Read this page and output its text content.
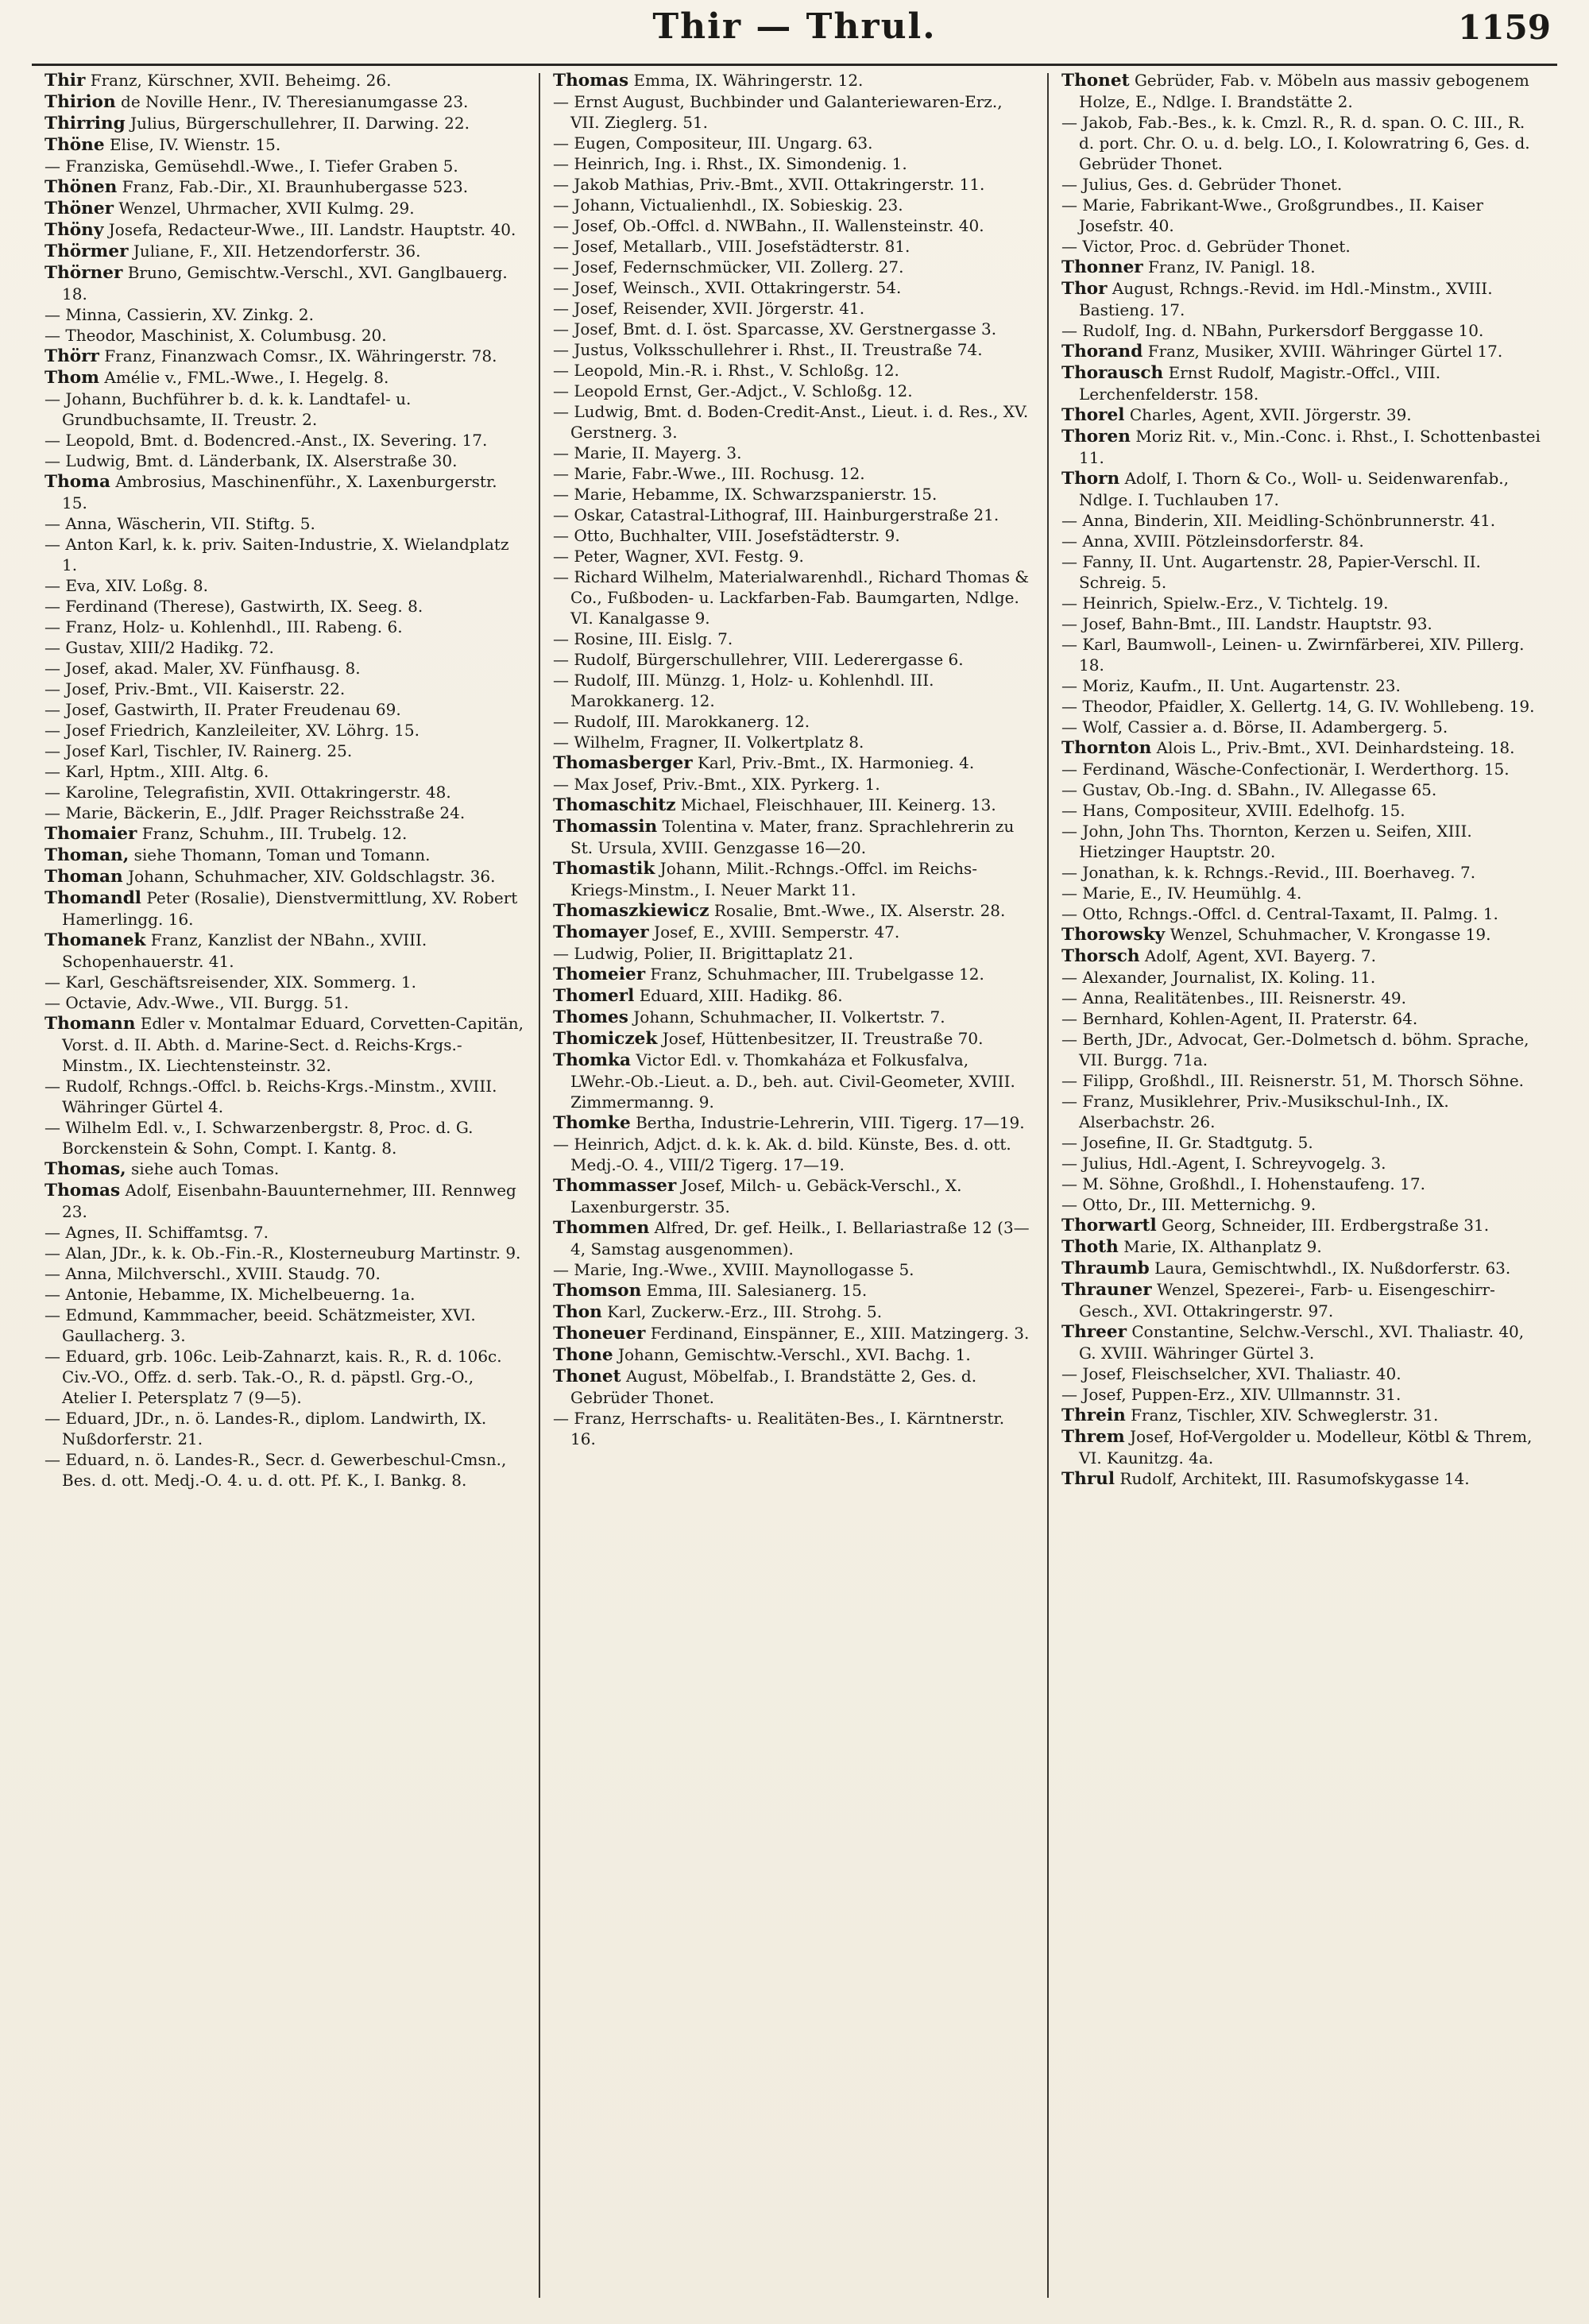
Thir — Thrul.	1159

Thir Franz, Kürschner, XVII. Beheimg. 26.

Thirion de Noville Henr., IV. Theresianumgasse 23.

Thirring Julius, Bürgerschullehrer, II. Darwing. 22.

Thöne Elise, IV. Wienstr. 15.

— Franziska, Gemüsehdl.-Wwe., I. Tiefer Graben 5.

Thönen Franz, Fab.-Dir., XI. Braunhubergasse 523.

Thöner Wenzel, Uhrmacher, XVII Kulmg. 29.

Thöny Josefa, Redacteur-Wwe., III. Landstr. Hauptstr. 40.

Thörmer Juliane, F., XII. Hetzendorferstr. 36.

Thörner Bruno, Gemischtw.-Verschl., XVI. Ganglbauerg. 18.

— Minna, Cassierin, XV. Zinkg. 2.

— Theodor, Maschinist, X. Columbusg. 20.

Thörr Franz, Finanzwach Comsr., IX. Währingerstr. 78.

Thom Amélie v., FML.-Wwe., I. Hegelg. 8.

— Johann, Buchführer b. d. k. k. Landtafel- u. Grundbuchsamte, II. Treustr. 2.

— Leopold, Bmt. d. Bodencred.-Anst., IX. Severing. 17.

— Ludwig, Bmt. d. Länderbank, IX. Alserstraße 30.

Thoma Ambrosius, Maschinenführ., X. Laxenburgerstr. 15.

— Anna, Wäscherin, VII. Stiftg. 5.

— Anton Karl, k. k. priv. Saiten-Industrie, X. Wielandplatz 1.

— Eva, XIV. Loßg. 8.

— Ferdinand (Therese), Gastwirth, IX. Seeg. 8.

— Franz, Holz- u. Kohlenhdl., III. Rabeng. 6.

— Gustav, XIII/2 Hadikg. 72.

— Josef, akad. Maler, XV. Fünfhausg. 8.

— Josef, Priv.-Bmt., VII. Kaiserstr. 22.

— Josef, Gastwirth, II. Prater Freudenau 69.

— Josef Friedrich, Kanzleileiter, XV. Löhrg. 15.

— Josef Karl, Tischler, IV. Rainerg. 25.

— Karl, Hptm., XIII. Altg. 6.

— Karoline, Telegrafistin, XVII. Ottakringerstr. 48.

— Marie, Bäckerin, E., Jdlf. Prager Reichsstraße 24.

Thomaier Franz, Schuhm., III. Trubelg. 12.

Thoman, siehe Thomann, Toman und Tomann.

Thoman Johann, Schuhmacher, XIV. Goldschlagstr. 36.

Thomandl Peter (Rosalie), Dienstvermittlung, XV. Robert Hamerlingg. 16.

Thomanek Franz, Kanzlist der NBahn., XVIII. Schopenhauerstr. 41.

— Karl, Geschäftsreisender, XIX. Sommerg. 1.

— Octavie, Adv.-Wwe., VII. Burgg. 51.

Thomann Edler v. Montalmar Eduard, Corvetten-Capitän, Vorst. d. II. Abth. d. Marine-Sect. d. Reichs-Krgs.-Minstm., IX. Liechtensteinstr. 32.

— Rudolf, Rchngs.-Offcl. b. Reichs-Krgs.-Minstm., XVIII. Währinger Gürtel 4.

— Wilhelm Edl. v., I. Schwarzenbergstr. 8, Proc. d. G. Borckenstein & Sohn, Compt. I. Kantg. 8.

Thomas, siehe auch Tomas.

Thomas Adolf, Eisenbahn-Bauunternehmer, III. Rennweg 23.

— Agnes, II. Schiffamtsg. 7.

— Alan, JDr., k. k. Ob.-Fin.-R., Klosterneuburg Martinstr. 9.

— Anna, Milchverschl., XVIII. Staudg. 70.

— Antonie, Hebamme, IX. Michelbeuerng. 1a.

— Edmund, Kammmacher, beeid. Schätzmeister, XVI. Gaullacherg. 3.

— Eduard, grb. 106c. Leib-Zahnarzt, kais. R., R. d. 106c. Civ.-VO., Offz. d. serb. Tak.-O., R. d. päpstl. Grg.-O., Atelier I. Petersplatz 7 (9—5).

— Eduard, JDr., n. ö. Landes-R., diplom. Landwirth, IX. Nußdorferstr. 21.

— Eduard, n. ö. Landes-R., Secr. d. Gewerbeschul-Cmsn., Bes. d. ott. Medj.-O. 4. u. d. ott. Pf. K., I. Bankg. 8.

Thomas Emma, IX. Währingerstr. 12.

— Ernst August, Buchbinder und Galanteriewaren-Erz., VII. Zieglerg. 51.

— Eugen, Compositeur, III. Ungarg. 63.

— Heinrich, Ing. i. Rhst., IX. Simondenig. 1.

— Jakob Mathias, Priv.-Bmt., XVII. Ottakringerstr. 11.

— Johann, Victualienhdl., IX. Sobieskig. 23.

— Josef, Ob.-Offcl. d. NWBahn., II. Wallensteinstr. 40.

— Josef, Metallarb., VIII. Josefstädterstr. 81.

— Josef, Federnschmücker, VII. Zollerg. 27.

— Josef, Weinsch., XVII. Ottakringerstr. 54.

— Josef, Reisender, XVII. Jörgerstr. 41.

— Josef, Bmt. d. I. öst. Sparcasse, XV. Gerstnergasse 3.

— Justus, Volksschullehrer i. Rhst., II. Treustraße 74.

— Leopold, Min.-R. i. Rhst., V. Schloßg. 12.

— Leopold Ernst, Ger.-Adjct., V. Schloßg. 12.

— Ludwig, Bmt. d. Boden-Credit-Anst., Lieut. i. d. Res., XV. Gerstnerg. 3.

— Marie, II. Mayerg. 3.

— Marie, Fabr.-Wwe., III. Rochusg. 12.

— Marie, Hebamme, IX. Schwarzspanierstr. 15.

— Oskar, Catastral-Lithograf, III. Hainburgerstraße 21.

— Otto, Buchhalter, VIII. Josefstädterstr. 9.

— Peter, Wagner, XVI. Festg. 9.

— Richard Wilhelm, Materialwarenhdl., Richard Thomas & Co., Fußboden- u. Lackfarben-Fab. Baumgarten, Ndlge. VI. Kanalgasse 9.

— Rosine, III. Eislg. 7.

— Rudolf, Bürgerschullehrer, VIII. Lederergasse 6.

— Rudolf, III. Münzg. 1, Holz- u. Kohlenhdl. III. Marokkanerg. 12.

— Rudolf, III. Marokkanerg. 12.

— Wilhelm, Fragner, II. Volkertplatz 8.

Thomasberger Karl, Priv.-Bmt., IX. Harmonieg. 4.

— Max Josef, Priv.-Bmt., XIX. Pyrkerg. 1.

Thomaschitz Michael, Fleischhauer, III. Keinerg. 13.

Thomassin Tolentina v. Mater, franz. Sprachlehrerin zu St. Ursula, XVIII. Genzgasse 16—20.

Thomastik Johann, Milit.-Rchngs.-Offcl. im Reichs-Kriegs-Minstm., I. Neuer Markt 11.

Thomaszkiewicz Rosalie, Bmt.-Wwe., IX. Alserstr. 28.

Thomayer Josef, E., XVIII. Semperstr. 47.

— Ludwig, Polier, II. Brigittaplatz 21.

Thomeier Franz, Schuhmacher, III. Trubelgasse 12.

Thomerl Eduard, XIII. Hadikg. 86.

Thomes Johann, Schuhmacher, II. Volkertstr. 7.

Thomiczek Josef, Hüttenbesitzer, II. Treustraße 70.

Thomka Victor Edl. v. Thomkaháza et Folkusfalva, LWehr.-Ob.-Lieut. a. D., beh. aut. Civil-Geometer, XVIII. Zimmermanng. 9.

Thomke Bertha, Industrie-Lehrerin, VIII. Tigerg. 17—19.

— Heinrich, Adjct. d. k. k. Ak. d. bild. Künste, Bes. d. ott. Medj.-O. 4., VIII/2 Tigerg. 17—19.

Thommasser Josef, Milch- u. Gebäck-Verschl., X. Laxenburgerstr. 35.

Thommen Alfred, Dr. gef. Heilk., I. Bellariastraße 12 (3—4, Samstag ausgenommen).

— Marie, Ing.-Wwe., XVIII. Maynollogasse 5.

Thomson Emma, III. Salesianerg. 15.

Thon Karl, Zuckerw.-Erz., III. Strohg. 5.

Thoneuer Ferdinand, Einspänner, E., XIII. Matzingerg. 3.

Thone Johann, Gemischtw.-Verschl., XVI. Bachg. 1.

Thonet August, Möbelfab., I. Brandstätte 2, Ges. d. Gebrüder Thonet.

— Franz, Herrschafts- u. Realitäten-Bes., I. Kärntnerstr. 16.

Thonet Gebrüder, Fab. v. Möbeln aus massiv gebogenem Holze, E., Ndlge. I. Brandstätte 2.

— Jakob, Fab.-Bes., k. k. Cmzl. R., R. d. span. O. C. III., R. d. port. Chr. O. u. d. belg. LO., I. Kolowratring 6, Ges. d. Gebrüder Thonet.

— Julius, Ges. d. Gebrüder Thonet.

— Marie, Fabrikant-Wwe., Großgrundbes., II. Kaiser Josefstr. 40.

— Victor, Proc. d. Gebrüder Thonet.

Thonner Franz, IV. Panigl. 18.

Thor August, Rchngs.-Revid. im Hdl.-Minstm., XVIII. Bastieng. 17.

— Rudolf, Ing. d. NBahn, Purkersdorf Berggasse 10.

Thorand Franz, Musiker, XVIII. Währinger Gürtel 17.

Thorausch Ernst Rudolf, Magistr.-Offcl., VIII. Lerchenfelderstr. 158.

Thorel Charles, Agent, XVII. Jörgerstr. 39.

Thoren Moriz Rit. v., Min.-Conc. i. Rhst., I. Schottenbastei 11.

Thorn Adolf, I. Thorn & Co., Woll- u. Seidenwarenfab., Ndlge. I. Tuchlauben 17.

— Anna, Binderin, XII. Meidling-Schönbrunnerstr. 41.

— Anna, XVIII. Pötzleinsdorferstr. 84.

— Fanny, II. Unt. Augartenstr. 28, Papier-Verschl. II. Schreig. 5.

— Heinrich, Spielw.-Erz., V. Tichtelg. 19.

— Josef, Bahn-Bmt., III. Landstr. Hauptstr. 93.

— Karl, Baumwoll-, Leinen- u. Zwirnfärberei, XIV. Pillerg. 18.

— Moriz, Kaufm., II. Unt. Augartenstr. 23.

— Theodor, Pfaidler, X. Gellertg. 14, G. IV. Wohllebeng. 19.

— Wolf, Cassier a. d. Börse, II. Adambergerg. 5.

Thornton Alois L., Priv.-Bmt., XVI. Deinhardsteing. 18.

— Ferdinand, Wäsche-Confectionär, I. Werderthorg. 15.

— Gustav, Ob.-Ing. d. SBahn., IV. Allegasse 65.

— Hans, Compositeur, XVIII. Edelhofg. 15.

— John, John Ths. Thornton, Kerzen u. Seifen, XIII. Hietzinger Hauptstr. 20.

— Jonathan, k. k. Rchngs.-Revid., III. Boerhaveg. 7.

— Marie, E., IV. Heumühlg. 4.

— Otto, Rchngs.-Offcl. d. Central-Taxamt, II. Palmg. 1.

Thorowsky Wenzel, Schuhmacher, V. Krongasse 19.

Thorsch Adolf, Agent, XVI. Bayerg. 7.

— Alexander, Journalist, IX. Koling. 11.

— Anna, Realitätenbes., III. Reisnerstr. 49.

— Bernhard, Kohlen-Agent, II. Praterstr. 64.

— Berth, JDr., Advocat, Ger.-Dolmetsch d. böhm. Sprache, VII. Burgg. 71a.

— Filipp, Großhdl., III. Reisnerstr. 51, M. Thorsch Söhne.

— Franz, Musiklehrer, Priv.-Musikschul-Inh., IX. Alserbachstr. 26.

— Josefine, II. Gr. Stadtgutg. 5.

— Julius, Hdl.-Agent, I. Schreyvogelg. 3.

— M. Söhne, Großhdl., I. Hohenstaufeng. 17.

— Otto, Dr., III. Metternichg. 9.

Thorwartl Georg, Schneider, III. Erdbergstraße 31.

Thoth Marie, IX. Althanplatz 9.

Thraumb Laura, Gemischtwhdl., IX. Nußdorferstr. 63.

Thrauner Wenzel, Spezerei-, Farb- u. Eisengeschirr-Gesch., XVI. Ottakringerstr. 97.

Threer Constantine, Selchw.-Verschl., XVI. Thaliastr. 40, G. XVIII. Währinger Gürtel 3.

— Josef, Fleischselcher, XVI. Thaliastr. 40.

— Josef, Puppen-Erz., XIV. Ullmannstr. 31.

Threin Franz, Tischler, XIV. Schweglerstr. 31.

Threm Josef, Hof-Vergolder u. Modelleur, Kötbl & Threm, VI. Kaunitzg. 4a.

Thrul Rudolf, Architekt, III. Rasumofskygasse 14.
